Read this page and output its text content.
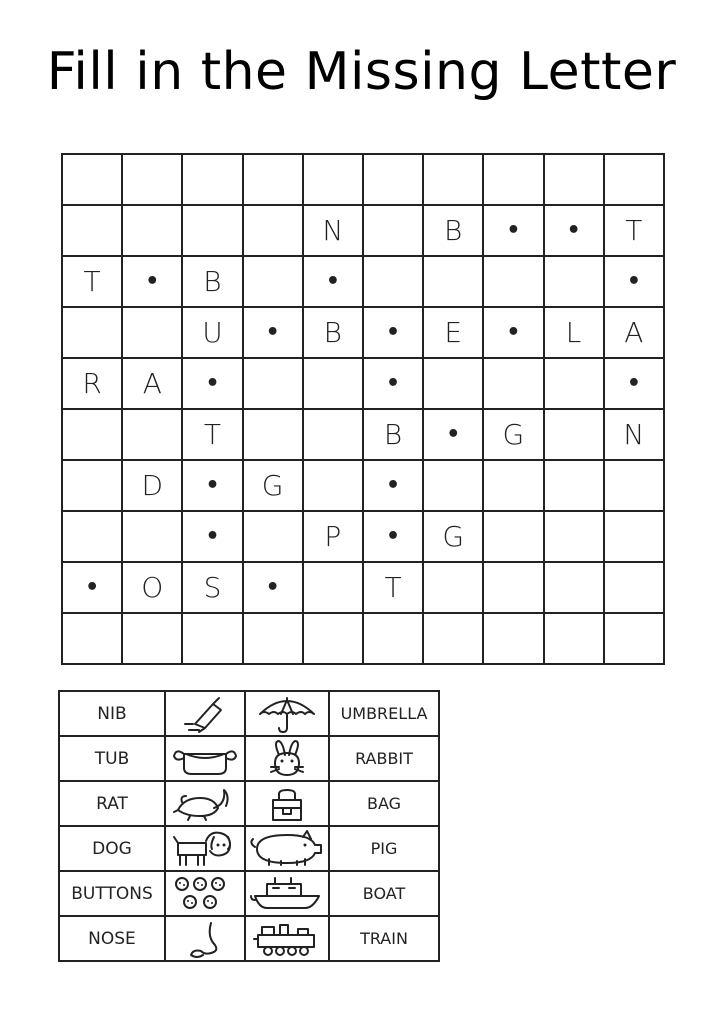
Fill in the Missing Letter

				N		B	•	•	T
T	•	B		•					•
		U	•	B	•	E	•	L	A
R	A	•			•				•
		T			B	•	G		N
	D	•	G		•				
		•		P	•	G			
•	O	S	•		T				

NIB			UMBRELLA
TUB			RABBIT
RAT			BAG
DOG			PIG
BUTTONS			BOAT
NOSE			TRAIN
